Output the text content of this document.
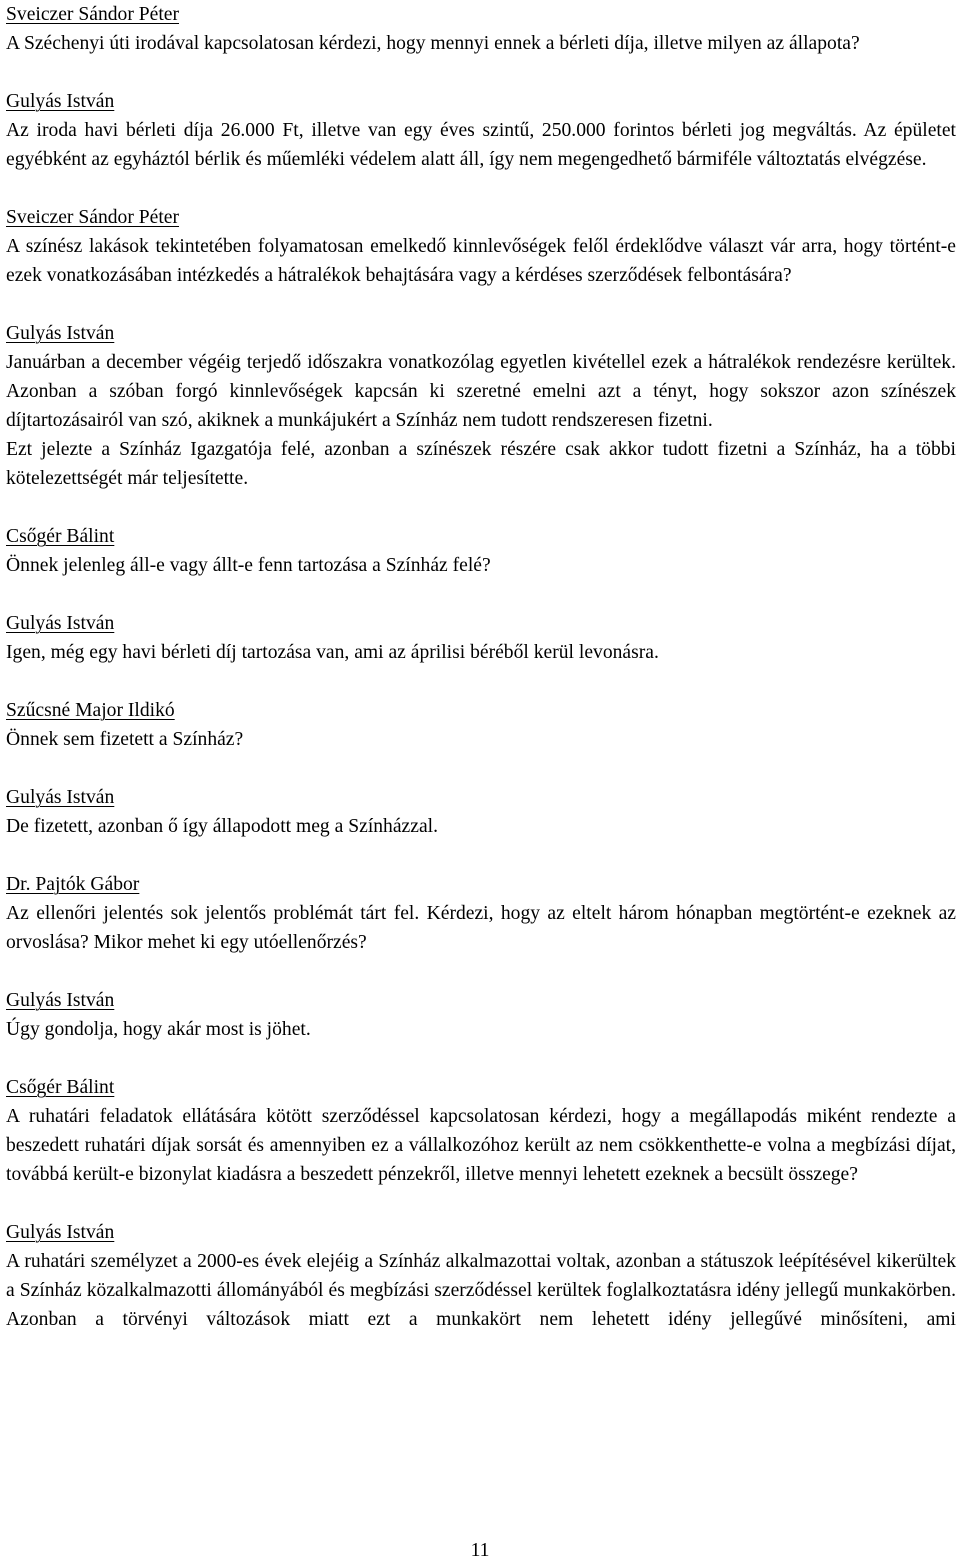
Sveiczer Sándor Péter

A Széchenyi úti irodával kapcsolatosan kérdezi, hogy mennyi ennek a bérleti díja, illetve milyen az állapota?

Gulyás István

Az iroda havi bérleti díja 26.000 Ft, illetve van egy éves szintű, 250.000 forintos bérleti jog megváltás. Az épületet egyébként az egyháztól bérlik és műemléki védelem alatt áll, így nem megengedhető bármiféle változtatás elvégzése.

Sveiczer Sándor Péter

A színész lakások tekintetében folyamatosan emelkedő kinnlevőségek felől érdeklődve választ vár arra, hogy történt-e ezek vonatkozásában intézkedés a hátralékok behajtására vagy a kérdéses szerződések felbontására?

Gulyás István

Januárban a december végéig terjedő időszakra vonatkozólag egyetlen kivétellel ezek a hátralékok rendezésre kerültek. Azonban a szóban forgó kinnlevőségek kapcsán ki szeretné emelni azt a tényt, hogy sokszor azon színészek díjtartozásairól van szó, akiknek a munkájukért a Színház nem tudott rendszeresen fizetni.

Ezt jelezte a Színház Igazgatója felé, azonban a színészek részére csak akkor tudott fizetni a Színház, ha a többi kötelezettségét már teljesítette.

Csőgér Bálint

Önnek jelenleg áll-e vagy állt-e fenn tartozása a Színház felé?

Gulyás István

Igen, még egy havi bérleti díj tartozása van, ami az áprilisi béréből kerül levonásra.

Szűcsné Major Ildikó

Önnek sem fizetett a Színház?

Gulyás István

De fizetett, azonban ő így állapodott meg a Színházzal.

Dr. Pajtók Gábor

Az ellenőri jelentés sok jelentős problémát tárt fel. Kérdezi, hogy az eltelt három hónapban megtörtént-e ezeknek az orvoslása? Mikor mehet ki egy utóellenőrzés?

Gulyás István

Úgy gondolja, hogy akár most is jöhet.

Csőgér Bálint

A ruhatári feladatok ellátására kötött szerződéssel kapcsolatosan kérdezi, hogy a megállapodás miként rendezte a beszedett ruhatári díjak sorsát és amennyiben ez a vállalkozóhoz került az nem csökkenthette-e volna a megbízási díjat, továbbá került-e bizonylat kiadásra a beszedett pénzekről, illetve mennyi lehetett ezeknek a becsült összege?

Gulyás István

A ruhatári személyzet a 2000-es évek elejéig a Színház alkalmazottai voltak, azonban a státuszok leépítésével kikerültek a Színház közalkalmazotti állományából és megbízási szerződéssel kerültek foglalkoztatásra idény jellegű munkakörben. Azonban a törvényi változások miatt ezt a munkakört nem lehetett idény jellegűvé minősíteni, ami

11
